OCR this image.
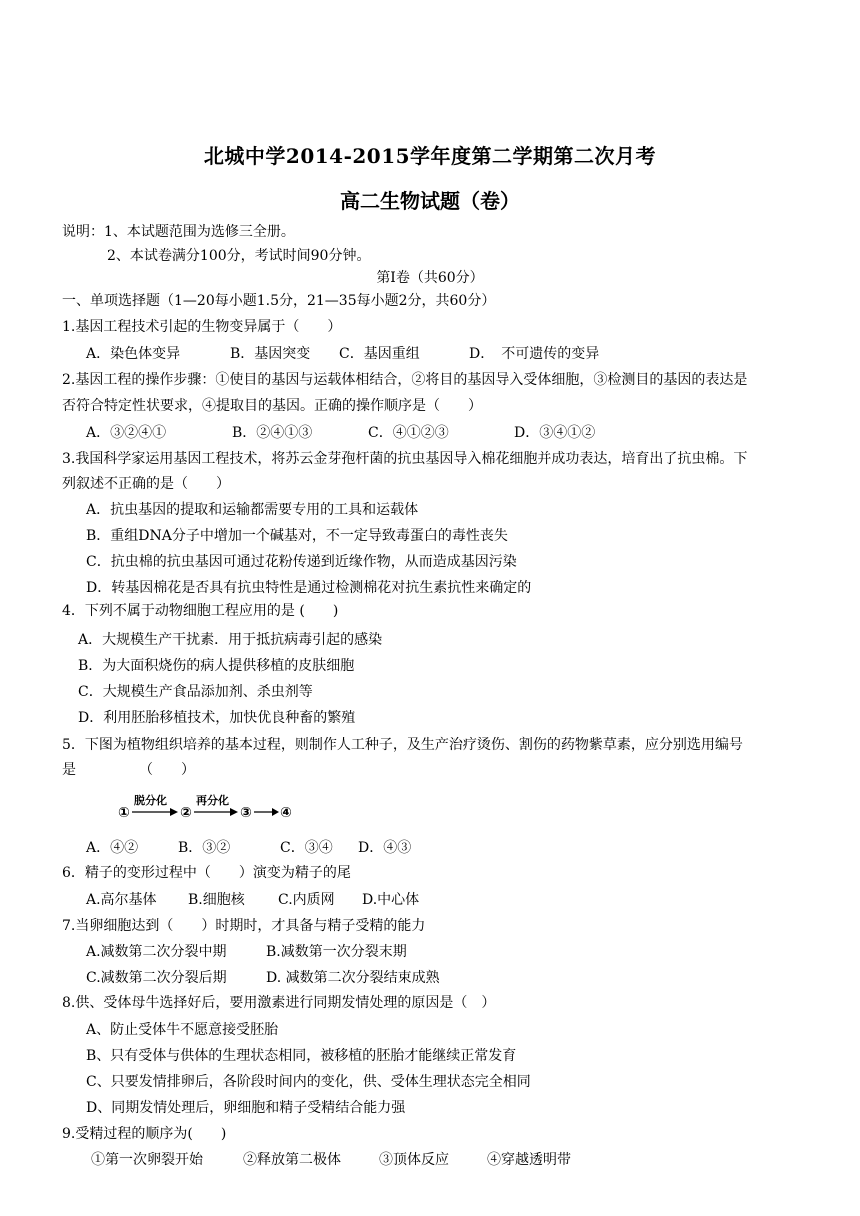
北城中学2014-2015学年度第二学期第二次月考
高二生物试题（卷）
说明：1、本试题范围为选修三全册。
2、本试卷满分100分，考试时间90分钟。
第Ⅰ卷（共60分）
一、单项选择题（1—20每小题1.5分，21—35每小题2分，共60分）
1.基因工程技术引起的生物变异属于（　　）
A．染色体变异	B．基因突变 C．基因重组	D．　不可遗传的变异
2.基因工程的操作步骤：①使目的基因与运载体相结合，②将目的基因导入受体细胞，③检测目的基因的表达是
否符合特定性状要求，④提取目的基因。正确的操作顺序是（　　）
A．③②④①	B．②④①③	C．④①②③	D．③④①②
3.我国科学家运用基因工程技术，将苏云金芽孢杆菌的抗虫基因导入棉花细胞并成功表达，培育出了抗虫棉。下
列叙述不正确的是（　　）
A．抗虫基因的提取和运输都需要专用的工具和运载体
B．重组DNA分子中增加一个碱基对，不一定导致毒蛋白的毒性丧失
C．抗虫棉的抗虫基因可通过花粉传递到近缘作物，从而造成基因污染
D．转基因棉花是否具有抗虫特性是通过检测棉花对抗生素抗性来确定的
4．下列不属于动物细胞工程应用的是 (　　)
A．大规模生产干扰素．用于抵抗病毒引起的感染
B．为大面积烧伤的病人提供移植的皮肤细胞
C．大规模生产食品添加剂、杀虫剂等
D．利用胚胎移植技术，加快优良种畜的繁殖
5．下图为植物组织培养的基本过程，则制作人工种子，及生产治疗烫伤、割伤的药物紫草素，应分别选用编号
是　　　　　（　　）
①
脱分化
②
再分化
③ ④
A．④②	B．③②	C．③④ D．④③
6．精子的变形过程中（　　）演变为精子的尾
A.高尔基体 B.细胞核 C.内质网 D.中心体
7.当卵细胞达到（　　）时期时，才具备与精子受精的能力
A.减数第二次分裂中期	B.减数第一次分裂末期
C.减数第二次分裂后期	D. 减数第二次分裂结束成熟
8.供、受体母牛选择好后，要用激素进行同期发情处理的原因是（　）
A、防止受体牛不愿意接受胚胎
B、只有受体与供体的生理状态相同，被移植的胚胎才能继续正常发育
C、只要发情排卵后，各阶段时间内的变化，供、受体生理状态完全相同
D、同期发情处理后，卵细胞和精子受精结合能力强
9.受精过程的顺序为(　　)
①第一次卵裂开始	②释放第二极体	③顶体反应	④穿越透明带
